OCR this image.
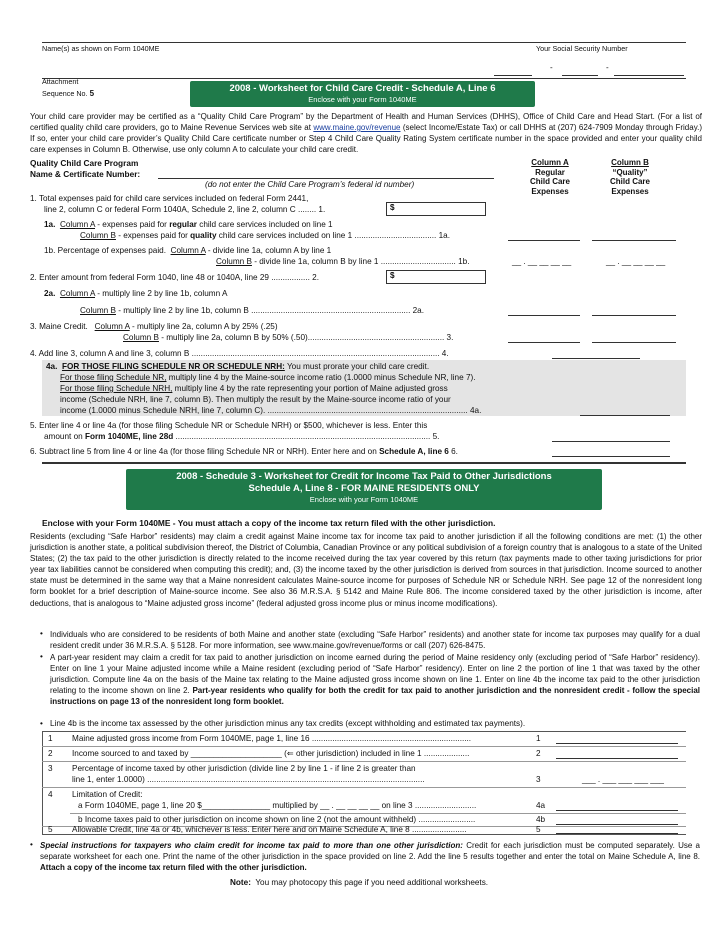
Name(s) as shown on Form 1040ME	Your Social Security Number
-	-
Attachment
Sequence No. 5	2008 - Worksheet for Child Care Credit - Schedule A, Line 6
Enclose with your Form 1040ME

Your child care provider may be certified as a “Quality Child Care Program” by the Department of Health and Human Services (DHHS), Office of Child Care and Head Start. (For a list of certified quality child care providers, go to Maine Revenue Services web site at www.maine.gov/revenue (select Income/Estate Tax) or call DHHS at (207) 624-7909 Monday through Friday.) If so, enter your child care provider’s Quality Child Care certificate number or Step 4 Child Care Quality Rating System certificate number in the space provided and enter your quality child care expenses in Column B. Otherwise, use only column A to calculate your child care credit.

Quality Child Care Program
Name & Certificate Number:
(do not enter the Child Care Program’s federal id number)
Column A
Regular
Child Care
Expenses
Column B
“Quality”
Child Care
Expenses
1. Total expenses paid for child care services included on federal Form 2441,
line 2, column C or federal Form 1040A, Schedule 2, line 2, column C ........ 1.	$
1a. Column A - expenses paid for regular child care services included on line 1
Column B - expenses paid for quality child care services included on line 1 .................................... 1a.
1b. Percentage of expenses paid. Column A - divide line 1a, column A by line 1
Column B - divide line 1a, column B by line 1 ................................. 1b.	__ . __ __ __ __	__ . __ __ __ __
2. Enter amount from federal Form 1040, line 48 or 1040A, line 29 ................. 2.	$
2a. Column A - multiply line 2 by line 1b, column A
Column B - multiply line 2 by line 1b, column B ...................................................................... 2a.
3. Maine Credit. Column A - multiply line 2a, column A by 25% (.25)
Column B - multiply line 2a, column B by 50% (.50)............................................................ 3.
4. Add line 3, column A and line 3, column B ............................................................................................................. 4.
4a. FOR THOSE FILING SCHEDULE NR OR SCHEDULE NRH: You must prorate your child care credit.
For those filing Schedule NR, multiply line 4 by the Maine-source income ratio (1.0000 minus Schedule NR, line 7).
For those filing Schedule NRH, multiply line 4 by the rate representing your portion of Maine adjusted gross
income (Schedule NRH, line 7, column B). Then multiply the result by the Maine-source income ratio of your
income (1.0000 minus Schedule NRH, line 7, column C). ........................................................................................ 4a.
5. Enter line 4 or line 4a (for those filing Schedule NR or Schedule NRH) or $500, whichever is less. Enter this
amount on Form 1040ME, line 28d ................................................................................................................ 5.
6. Subtract line 5 from line 4 or line 4a (for those filing Schedule NR or NRH). Enter here and on Schedule A, line 6 6.
2008 - Schedule 3 - Worksheet for Credit for Income Tax Paid to Other Jurisdictions
Schedule A, Line 8 - FOR MAINE RESIDENTS ONLY
Enclose with your Form 1040ME
Enclose with your Form 1040ME - You must attach a copy of the income tax return filed with the other jurisdiction.

Residents (excluding “Safe Harbor” residents) may claim a credit against Maine income tax for income tax paid to another jurisdiction if all the following conditions are met: (1) the other jurisdiction is another state, a political subdivision thereof, the District of Columbia, Canadian Province or any political subdivision of a foreign country that is analogous to a state of the United States; (2) the tax paid to the other jurisdiction is directly related to the income received during the tax year covered by this return (tax payments made to other taxing jurisdictions for prior year tax liabilities cannot be considered when computing this credit); and, (3) the income taxed by the other jurisdiction is derived from sources in that jurisdiction. Income sourced to another state must be determined in the same way that a Maine nonresident calculates Maine-source income for purposes of Schedule NR or Schedule NRH. See page 12 of the nonresident long form booklet for a brief description of Maine-source income. See also 36 M.R.S.A. § 5142 and Maine Rule 806. The income considered taxed by the other jurisdiction is income, after deductions, that is analogous to “Maine adjusted gross income” (federal adjusted gross income plus or minus income modifications).

• Individuals who are considered to be residents of both Maine and another state (excluding “Safe Harbor” residents) and another state for income tax purposes may qualify for a dual resident credit under 36 M.R.S.A. § 5128. For more information, see www.maine.gov/revenue/forms or call (207) 626-8475.

• A part-year resident may claim a credit for tax paid to another jurisdiction on income earned during the period of Maine residency only (excluding period of “Safe Harbor” residency). Enter on line 1 your Maine adjusted income while a Maine resident (excluding period of “Safe Harbor” residency). Enter on line 2 the portion of line 1 that was taxed by the other jurisdiction. Compute line 4a on the basis of the Maine tax relating to the Maine adjusted gross income shown on line 1. Enter on line 4b the income tax paid to the other jurisdiction relating to the income shown on line 2. Part-year residents who qualify for both the credit for tax paid to another jurisdiction and the nonresident credit - follow the special instructions on page 13 of the nonresident long form booklet.

• Line 4b is the income tax assessed by the other jurisdiction minus any tax credits (except withholding and estimated tax payments).
1 Maine adjusted gross income from Form 1040ME, page 1, line 16 ......................................................................	1
2 Income sourced to and taxed by ____________________ (⇐ other jurisdiction) included in line 1 ....................	2
3 Percentage of income taxed by other jurisdiction (divide line 2 by line 1 - if line 2 is greater than
line 1, enter 1.0000) ..........................................................................................................................	3	___ . ___ ___ ___ ___
4 Limitation of Credit:
a Form 1040ME, page 1, line 20 $_______________ multiplied by __ . __ __ __ __ on line 3 ...........................	4a
b Income taxes paid to other jurisdiction on income shown on line 2 (not the amount withheld) .........................	4b
5 Allowable Credit, line 4a or 4b, whichever is less. Enter here and on Maine Schedule A, line 8 ........................	5
• Special instructions for taxpayers who claim credit for income tax paid to more than one other jurisdiction: Credit for each jurisdiction must be computed separately. Use a separate worksheet for each one. Print the name of the other jurisdiction in the space provided on line 2. Add the line 5 results together and enter the total on Maine Schedule A, line 8. Attach a copy of the income tax return filed with the other jurisdiction.

Note: You may photocopy this page if you need additional worksheets.
